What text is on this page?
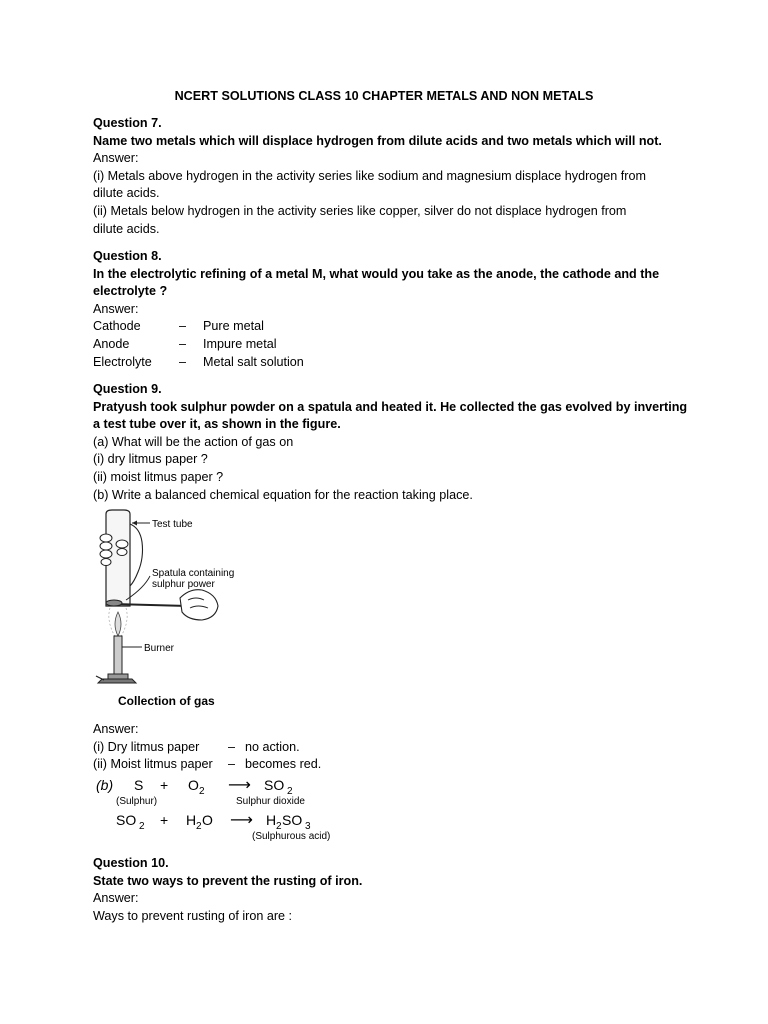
NCERT SOLUTIONS CLASS 10 CHAPTER METALS AND NON METALS
Question 7.
Name two metals which will displace hydrogen from dilute acids and two metals which will not.
Answer:
(i) Metals above hydrogen in the activity series like sodium and magnesium displace hydrogen from
dilute acids.
(ii) Metals below hydrogen in the activity series like copper, silver do not displace hydrogen from
dilute acids.
Question 8.
In the electrolytic refining of a metal M, what would you take as the anode, the cathode and the
electrolyte ?
Answer:
Cathode	–	Pure metal
Anode	–	Impure metal
Electrolyte	–	Metal salt solution
Question 9.
Pratyush took sulphur powder on a spatula and heated it. He collected the gas evolved by inverting
a test tube over it, as shown in the figure.
(a) What will be the action of gas on
(i) dry litmus paper ?
(ii) moist litmus paper ?
(b) Write a balanced chemical equation for the reaction taking place.
Test tube
Spatula containing
sulphur power
Burner
Collection of gas
Answer:
(i) Dry litmus paper	– no action.
(ii) Moist litmus paper	– becomes red.
(b) S + O 2 ⟶ SO 2
(Sulphur)	Sulphur dioxide
SO 2 + H 2 O ⟶ H 2 SO 3
(Sulphurous acid)
Question 10.
State two ways to prevent the rusting of iron.
Answer:
Ways to prevent rusting of iron are :
